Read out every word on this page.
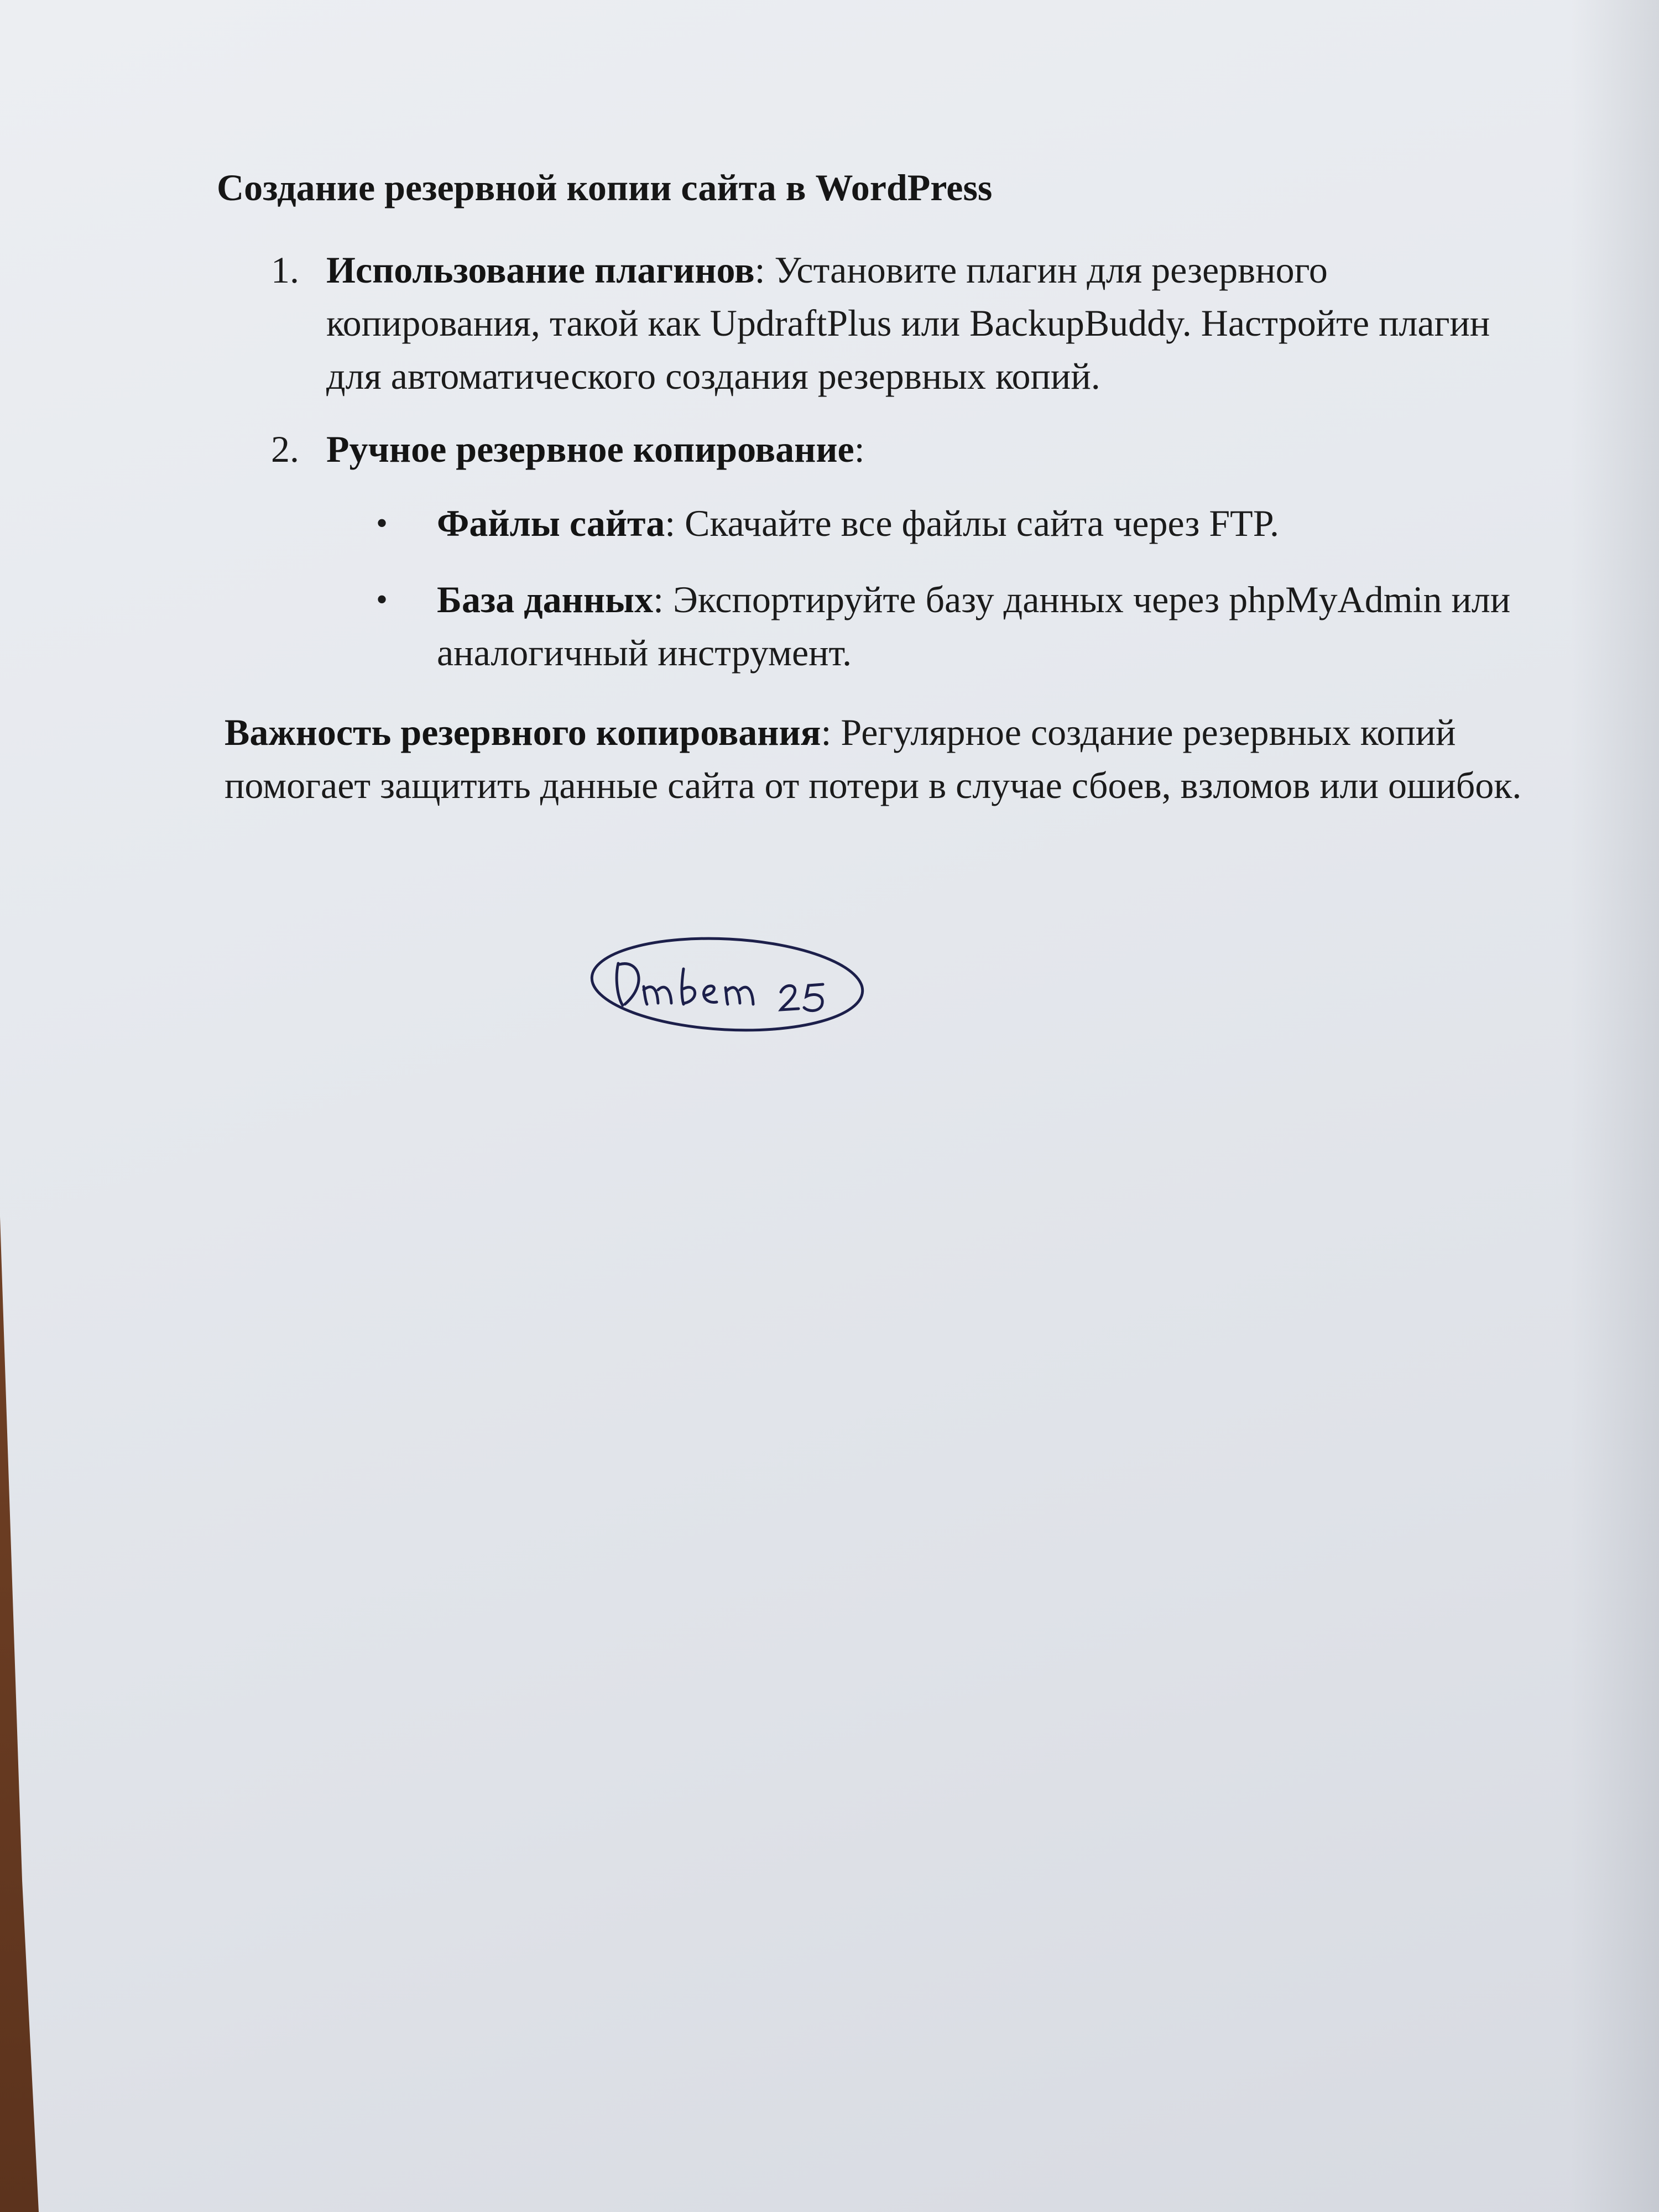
Создание резервной копии сайта в WordPress
1. Использование плагинов: Установите плагин для резервного копирования, такой как UpdraftPlus или BackupBuddy. Настройте плагин для автоматического создания резервных копий.
2. Ручное резервное копирование:
•	Файлы сайта: Скачайте все файлы сайта через FTP.
•	База данных: Экспортируйте базу данных через phpMyAdmin или аналогичный инструмент.
Важность резервного копирования: Регулярное создание резервных копий помогает защитить данные сайта от потери в случае сбоев, взломов или ошибок.
